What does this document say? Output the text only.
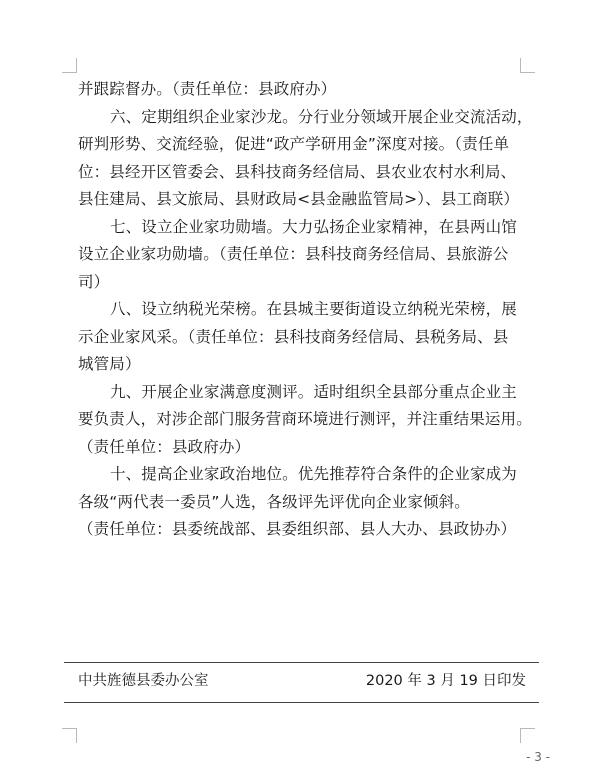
并跟踪督办。（责任单位：县政府办）
六、定期组织企业家沙龙。分行业分领域开展企业交流活动，
研判形势、交流经验，促进“政产学研用金”深度对接。（责任单
位：县经开区管委会、县科技商务经信局、县农业农村水利局、
县住建局、县文旅局、县财政局<县金融监管局>）、县工商联）
七、设立企业家功勋墙。大力弘扬企业家精神，在县两山馆
设立企业家功勋墙。（责任单位：县科技商务经信局、县旅游公
司）
八、设立纳税光荣榜。在县城主要街道设立纳税光荣榜，展
示企业家风采。（责任单位：县科技商务经信局、县税务局、县
城管局）
九、开展企业家满意度测评。适时组织全县部分重点企业主
要负责人，对涉企部门服务营商环境进行测评，并注重结果运用。
（责任单位：县政府办）
十、提高企业家政治地位。优先推荐符合条件的企业家成为
各级“两代表一委员”人选，各级评先评优向企业家倾斜。
（责任单位：县委统战部、县委组织部、县人大办、县政协办）
中共旌德县委办公室	2020 年 3 月 19 日印发
- 3 -
